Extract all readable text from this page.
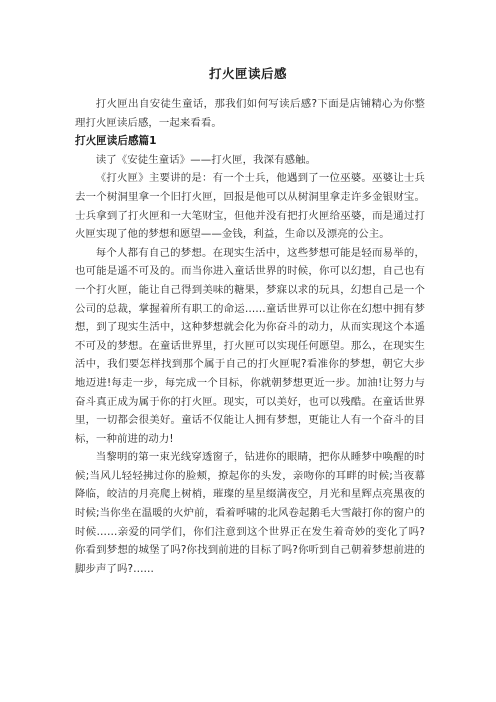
打火匣读后感

打火匣出自安徒生童话，那我们如何写读后感?下面是店铺精心为你整理打火匣读后感，一起来看看。

打火匣读后感篇1

读了《安徒生童话》——打火匣，我深有感触。

《打火匣》主要讲的是：有一个士兵，他遇到了一位巫婆。巫婆让士兵去一个树洞里拿一个旧打火匣，回报是他可以从树洞里拿走许多金银财宝。士兵拿到了打火匣和一大笔财宝，但他并没有把打火匣给巫婆，而是通过打火匣实现了他的梦想和愿望——金钱，利益，生命以及漂亮的公主。

每个人都有自己的梦想。在现实生活中，这些梦想可能是轻而易举的，也可能是遥不可及的。而当你进入童话世界的时候，你可以幻想，自己也有一个打火匣，能让自己得到美味的糖果，梦寐以求的玩具，幻想自己是一个公司的总裁，掌握着所有职工的命运……童话世界可以让你在幻想中拥有梦想，到了现实生活中，这种梦想就会化为你奋斗的动力，从而实现这个本遥不可及的梦想。在童话世界里，打火匣可以实现任何愿望。那么，在现实生活中，我们要怎样找到那个属于自己的打火匣呢?看准你的梦想，朝它大步地迈进!每走一步，每完成一个目标，你就朝梦想更近一步。加油!让努力与奋斗真正成为属于你的打火匣。现实，可以美好，也可以残酷。在童话世界里，一切都会很美好。童话不仅能让人拥有梦想，更能让人有一个奋斗的目标，一种前进的动力!

当黎明的第一束光线穿透窗子，钻进你的眼睛，把你从睡梦中唤醒的时候;当风儿轻轻拂过你的脸颊，撩起你的头发，亲吻你的耳畔的时候;当夜幕降临，皎洁的月亮爬上树梢，璀璨的星星缀满夜空，月光和星辉点亮黑夜的时候;当你坐在温暖的火炉前，看着呼啸的北风卷起鹅毛大雪敲打你的窗户的时候……亲爱的同学们，你们注意到这个世界正在发生着奇妙的变化了吗?你看到梦想的城堡了吗?你找到前进的目标了吗?你听到自己朝着梦想前进的脚步声了吗?……
